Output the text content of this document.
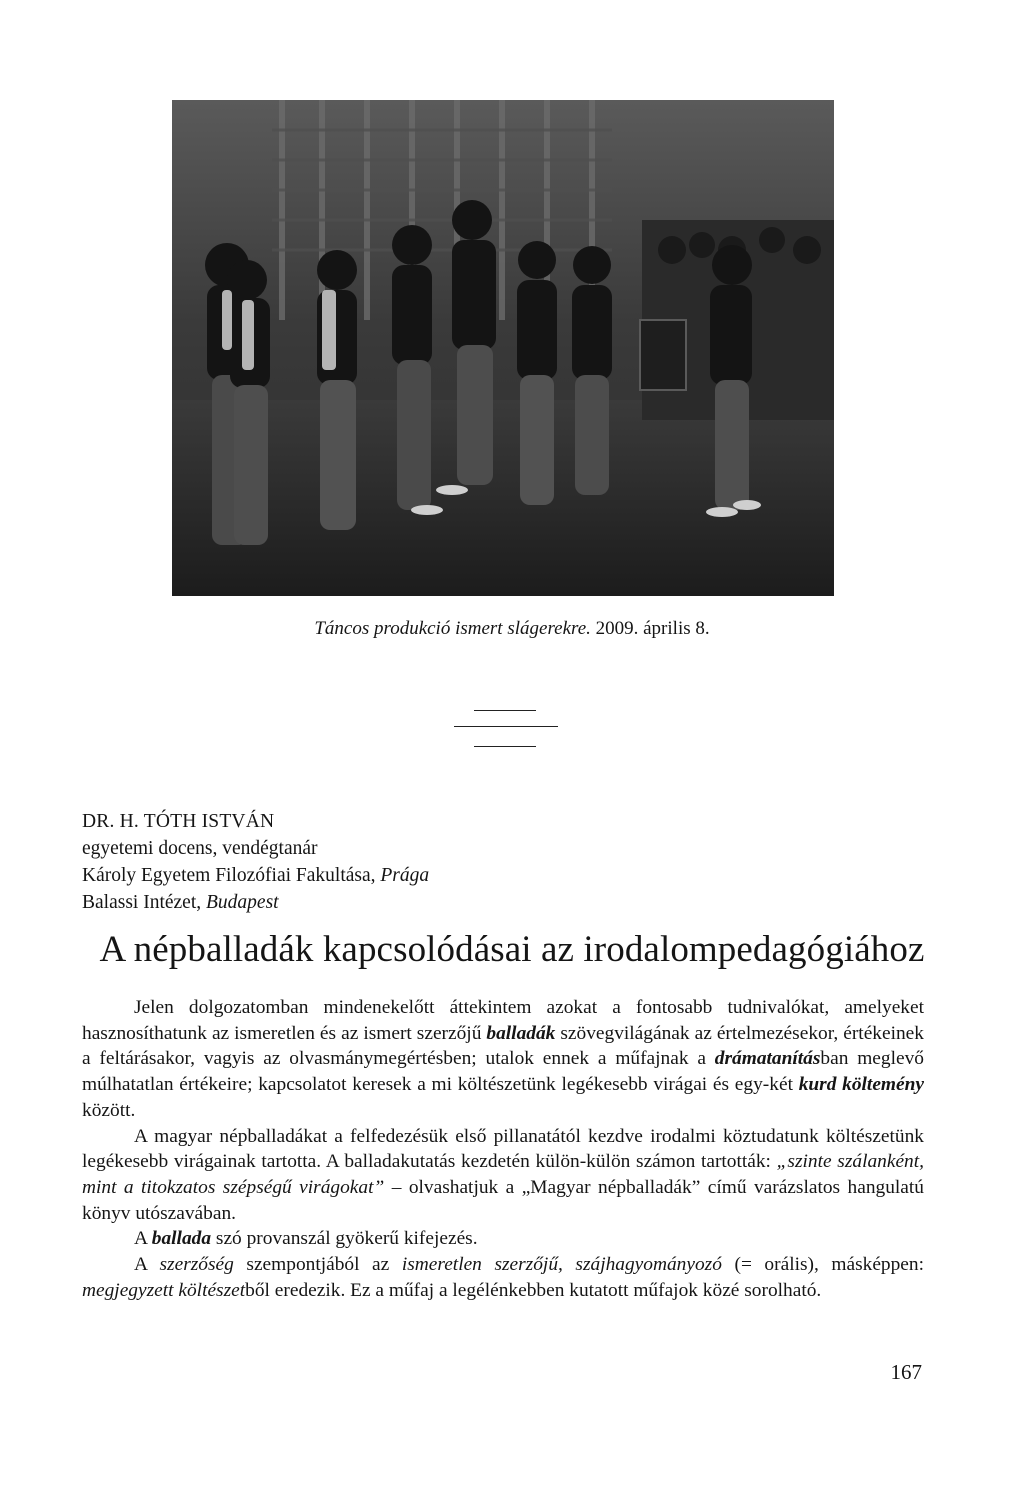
Táncos produkció ismert slágerekre. 2009. április 8.
DR. H. TÓTH ISTVÁN
egyetemi docens, vendégtanár
Károly Egyetem Filozófiai Fakultása, Prága
Balassi Intézet, Budapest
A népballadák kapcsolódásai az irodalompedagógiához

Jelen dolgozatomban mindenekelőtt áttekintem azokat a fontosabb tudnivalókat, amelyeket hasznosíthatunk az ismeretlen és az ismert szerzőjű balladák szövegvilágának az értelmezésekor, értékeinek a feltárásakor, vagyis az olvasmánymegértésben; utalok ennek a műfajnak a drámatanításban meglevő múlhatatlan értékeire; kapcsolatot keresek a mi költészetünk legékesebb virágai és egy-két kurd költemény között.

A magyar népballadákat a felfedezésük első pillanatától kezdve irodalmi köztudatunk költészetünk legékesebb virágainak tartotta. A balladakutatás kezdetén külön-külön számon tartották: „szinte szálanként, mint a titokzatos szépségű virágokat” – olvashatjuk a „Magyar népballadák” című varázslatos hangulatú könyv utószavában.

A ballada szó provanszál gyökerű kifejezés.

A szerzőség szempontjából az ismeretlen szerzőjű, szájhagyományozó (= orális), másképpen: megjegyzett költészetből eredezik. Ez a műfaj a legélénkebben kutatott műfajok közé sorolható.

167
